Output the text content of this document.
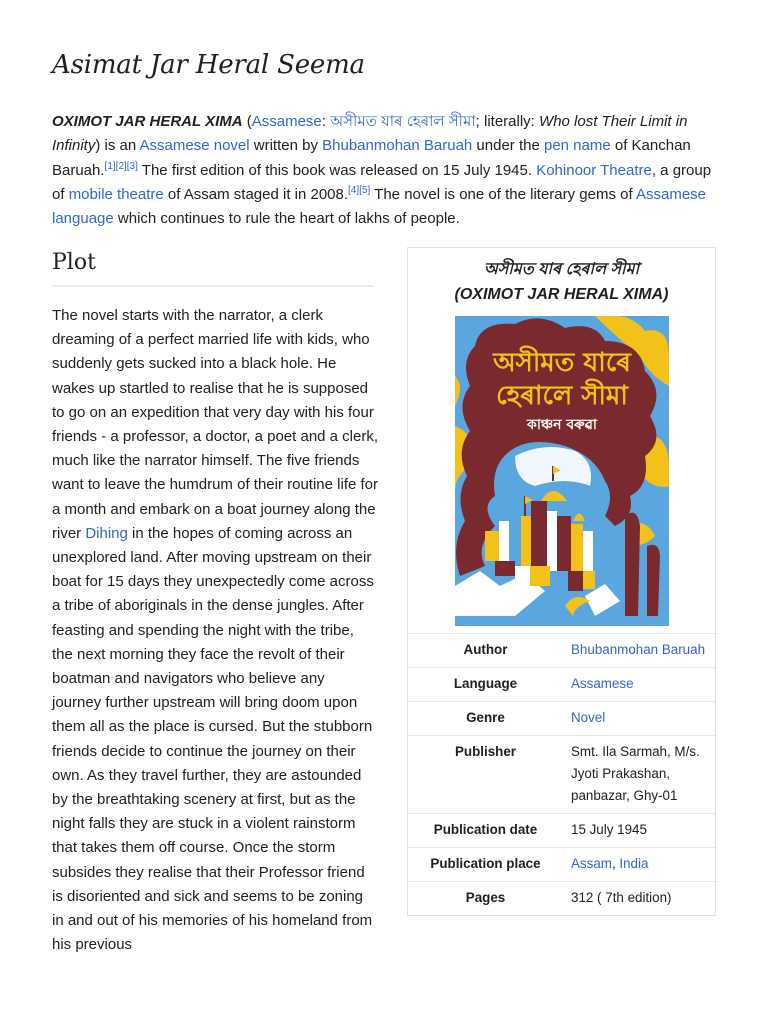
Asimat Jar Heral Seema

OXIMOT JAR HERAL XIMA (Assamese: অসীমত যাৰ হেৰাল সীমা; literally: Who lost Their Limit in Infinity) is an Assamese novel written by Bhubanmohan Baruah under the pen name of Kanchan Baruah.[1][2][3] The first edition of this book was released on 15 July 1945. Kohinoor Theatre, a group of mobile theatre of Assam staged it in 2008.[4][5] The novel is one of the literary gems of Assamese language which continues to rule the heart of lakhs of people.

Plot

The novel starts with the narrator, a clerk dreaming of a perfect married life with kids, who suddenly gets sucked into a black hole. He wakes up startled to realise that he is supposed to go on an expedition that very day with his four friends - a professor, a doctor, a poet and a clerk, much like the narrator himself. The five friends want to leave the humdrum of their routine life for a month and embark on a boat journey along the river Dihing in the hopes of coming across an unexplored land. After moving upstream on their boat for 15 days they unexpectedly come across a tribe of aboriginals in the dense jungles. After feasting and spending the night with the tribe, the next morning they face the revolt of their boatman and navigators who believe any journey further upstream will bring doom upon them all as the place is cursed. But the stubborn friends decide to continue the journey on their own. As they travel further, they are astounded by the breathtaking scenery at first, but as the night falls they are stuck in a violent rainstorm that takes them off course. Once the storm subsides they realise that their Professor friend is disoriented and sick and seems to be zoning in and out of his memories of his homeland from his previous

অসীমত যাৰ হেৰাল সীমা
(OXIMOT JAR HERAL XIMA)
অসীমত যাৰে
হেৰালে সীমা
কাঞ্চন বৰুৱা
Author	Bhubanmohan Baruah
Language	Assamese
Genre	Novel
Publisher	Smt. Ila Sarmah, M/s. Jyoti Prakashan, panbazar, Ghy-01
Publication date	15 July 1945
Publication place	Assam, India
Pages	312 ( 7th edition)
